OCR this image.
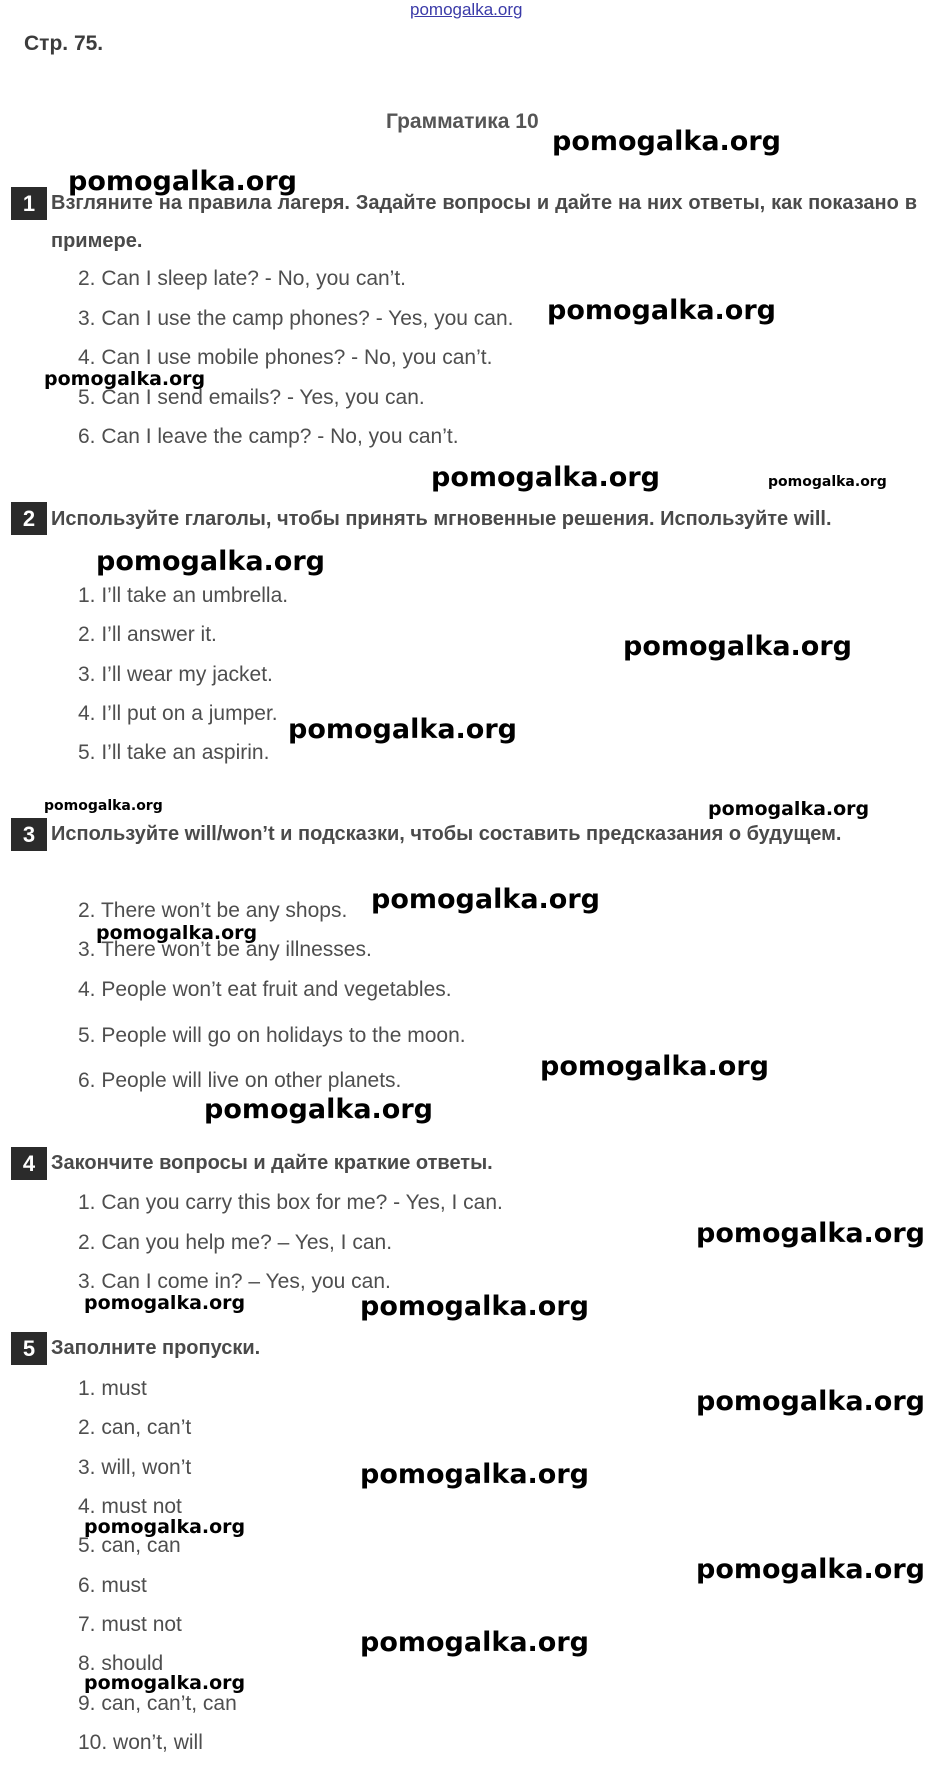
pomogalka.org
Стр. 75.
Грамматика 10
1 Взгляните на правила лагеря. Задайте вопросы и дайте на них ответы, как показано в примере.
2. Can I sleep late? - No, you can’t.
3. Can I use the camp phones? - Yes, you can.
4. Can I use mobile phones? - No, you can’t.
5. Can I send emails? - Yes, you can.
6. Can I leave the camp? - No, you can’t.
2 Используйте глаголы, чтобы принять мгновенные решения. Используйте will.
1. I’ll take an umbrella.
2. I’ll answer it.
3. I’ll wear my jacket.
4. I’ll put on a jumper.
5. I’ll take an aspirin.
3 Используйте will/won’t и подсказки, чтобы составить предсказания о будущем.
2. There won’t be any shops.
3. There won’t be any illnesses.
4. People won’t eat fruit and vegetables.
5. People will go on holidays to the moon.
6. People will live on other planets.
4 Закончите вопросы и дайте краткие ответы.
1. Can you carry this box for me? - Yes, I can.
2. Can you help me? – Yes, I can.
3. Can I come in? – Yes, you can.
5 Заполните пропуски.
1. must
2. can, can’t
3. will, won’t
4. must not
5. can, can
6. must
7. must not
8. should
9. can, can’t, can
10. won’t, will
pomogalka.org
pomogalka.org
pomogalka.org
pomogalka.org
pomogalka.org	pomogalka.org
pomogalka.org
pomogalka.org
pomogalka.org
pomogalka.org	pomogalka.org
pomogalka.org
pomogalka.org
pomogalka.org
pomogalka.org
pomogalka.org
pomogalka.org	pomogalka.org
pomogalka.org
pomogalka.org
pomogalka.org
pomogalka.org
pomogalka.org
pomogalka.org
